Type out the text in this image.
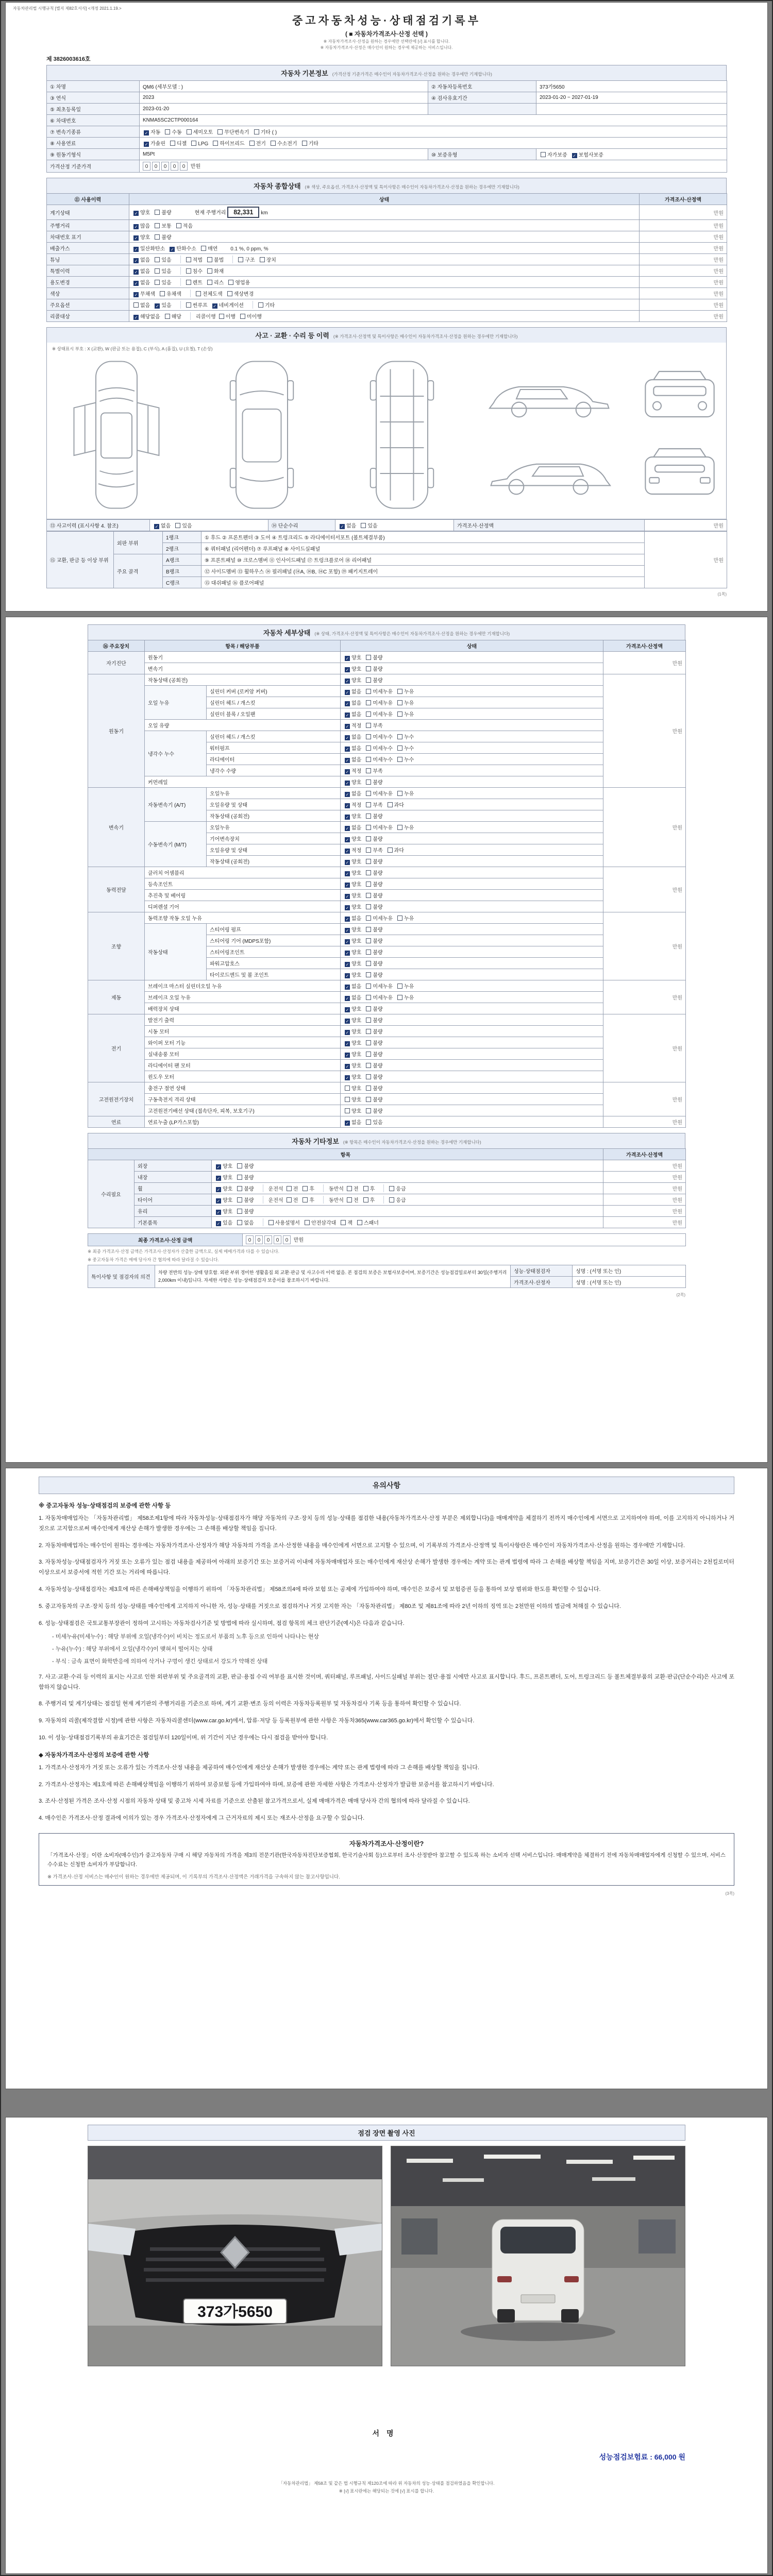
자동차관리법 시행규칙 [별지 제82호서식] <개정 2021.1.19.>
중고자동차성능·상태점검기록부
( ■ 자동차가격조사·산정 선택 )
※ 자동차가격조사·산정을 원하는 경우에만 선택란에 [√] 표시를 합니다.
※ 자동차가격조사·산정은 매수인이 원하는 경우에 제공하는 서비스입니다.
제 3826003616호
자동차 기본정보 (가격산정 기준가격은 매수인이 자동차가격조사·산정을 원하는 경우에만 기재합니다)
① 차명	QM6 (세부모델 : )	② 자동차등록번호	373가5650
③ 연식	2023	④ 검사유효기간	2023-01-20 ~ 2027-01-19
⑤ 최초등록일	2023-01-20		
⑥ 차대번호	KNMA5SC2CTP000164		
⑦ 변속기종류	✓ 자동 수동 세미오토 무단변속기 기타 ( )		
⑧ 사용연료	✓ 가솔린 디젤 LPG 하이브리드 전기 수소전기 기타		
⑨ 원동기형식	M5Pt	⑩ 보증유형	자가보증 ✓ 보험사보증
가격산정 기준가격	0 0 0 0 0 만원		
자동차 종합상태 (※ 색상, 주요옵션, 가격조사·산정액 및 특이사항은 매수인이 자동차가격조사·산정을 원하는 경우에만 기재합니다)
⑪ 사용이력	상태	가격조사·산정액
계기상태	✓ 양호 불량 현재 주행거리 82,331 km	만원
주행거리	✓ 많음 보통 적음	만원
차대번호 표기	✓ 양호 불량	만원
배출가스	✓ 일산화탄소 ✓ 탄화수소 매연 0.1 %, 0 ppm, %	만원
튜닝	✓ 없음 있음 적법 불법 구조 장치	만원
특별이력	✓ 없음 있음 침수 화재	만원
용도변경	✓ 없음 있음 렌트 리스 영업용	만원
색상	✓ 무채색 유채색 전체도색 색상변경	만원
주요옵션	없음 ✓ 있음 썬루프 ✓ 네비게이션 기타	만원
리콜대상	✓ 해당없음 해당 리콜이행 이행 미이행	만원
사고 · 교환 · 수리 등 이력 (※ 가격조사·산정액 및 특이사항은 매수인이 자동차가격조사·산정을 원하는 경우에만 기재합니다)
※ 상태표시 부호 : X (교환), W (판금 또는 용접), C (부식), A (흠집), U (요철), T (손상)
⑬ 사고이력 (표시사항 4. 참조)	✓ 없음 있음	⑭ 단순수리	✓ 없음 있음	가격조사·산정액	만원
⑮ 교환, 판금 등 이상 부위	외판 부위	1랭크	① 후드 ② 프론트펜더 ③ 도어 ④ 트렁크리드 ⑤ 라디에이터서포트 (볼트체결부품)	만원
		2랭크	⑥ 쿼터패널 (리어펜더) ⑦ 루프패널 ⑧ 사이드실패널	
	주요 골격	A랭크	⑨ 프론트패널 ⑩ 크로스멤버 ⑪ 인사이드패널 ⑰ 트렁크플로어 ⑱ 리어패널	
		B랭크	⑫ 사이드멤버 ⑬ 휠하우스 ⑭ 필러패널 (⑭A, ⑭B, ⑭C 포함) ⑲ 패키지트레이	
		C랭크	⑮ 대쉬패널 ⑯ 플로어패널	
(1쪽)
자동차 세부상태 (※ 상태, 가격조사·산정액 및 특이사항은 매수인이 자동차가격조사·산정을 원하는 경우에만 기재합니다)
⑯ 주요장치	항목 / 해당부품		상태	가격조사·산정액
자기진단	원동기		✓ 양호 불량	만원
	변속기		✓ 양호 불량	
원동기	작동상태 (공회전)		✓ 양호 불량	만원
	오일 누유	실린더 커버 (로커암 커버)	✓ 없음 미세누유 누유	
		실린더 헤드 / 개스킷	✓ 없음 미세누유 누유	
		실린더 블록 / 오일팬	✓ 없음 미세누유 누유	
	오일 유량		✓ 적정 부족	
	냉각수 누수	실린더 헤드 / 개스킷	✓ 없음 미세누수 누수	
		워터펌프	✓ 없음 미세누수 누수	
		라디에이터	✓ 없음 미세누수 누수	
		냉각수 수량	✓ 적정 부족	
	커먼레일		✓ 양호 불량	
변속기	자동변속기 (A/T)	오일누유	✓ 없음 미세누유 누유	만원
		오일유량 및 상태	✓ 적정 부족 과다	
		작동상태 (공회전)	✓ 양호 불량	
	수동변속기 (M/T)	오일누유	✓ 없음 미세누유 누유	
		기어변속장치	✓ 양호 불량	
		오일유량 및 상태	✓ 적정 부족 과다	
		작동상태 (공회전)	✓ 양호 불량	
동력전달	클러치 어셈블리		✓ 양호 불량	만원
	등속조인트		✓ 양호 불량	
	추진축 및 베어링		✓ 양호 불량	
	디퍼렌셜 기어		✓ 양호 불량	
조향	동력조향 작동 오일 누유		✓ 없음 미세누유 누유	만원
	작동상태	스티어링 펌프	✓ 양호 불량	
		스티어링 기어 (MDPS포함)	✓ 양호 불량	
		스티어링조인트	✓ 양호 불량	
		파워고압호스	✓ 양호 불량	
		타이로드엔드 및 볼 조인트	✓ 양호 불량	
제동	브레이크 마스터 실린더오일 누유		✓ 없음 미세누유 누유	만원
	브레이크 오일 누유		✓ 없음 미세누유 누유	
	배력장치 상태		✓ 양호 불량	
전기	발전기 출력		✓ 양호 불량	만원
	시동 모터		✓ 양호 불량	
	와이퍼 모터 기능		✓ 양호 불량	
	실내송풍 모터		✓ 양호 불량	
	라디에이터 팬 모터		✓ 양호 불량	
	윈도우 모터		✓ 양호 불량	
고전원전기장치	충전구 절연 상태		양호 불량	만원
	구동축전지 격리 상태		양호 불량	
	고전원전기배선 상태 (접속단자, 피복, 보호기구)		양호 불량	
연료	연료누출 (LP가스포함)		✓ 없음 있음	만원
자동차 기타정보 (※ 항목은 매수인이 자동차가격조사·산정을 원하는 경우에만 기재합니다)
항목			가격조사·산정액
수리필요	외장	✓ 양호 불량	만원
	내장	✓ 양호 불량	만원
	휠	✓ 양호 불량 운전석 전 후 동반석 전 후 응급	만원
	타이어	✓ 양호 불량 운전석 전 후 동반석 전 후 응급	만원
	유리	✓ 양호 불량	만원
	기본품목	✓ 있음 없음 사용설명서 안전삼각대 잭 스패너	만원
최종 가격조사·산정 금액	0 0 0 0 0 만원
※ 최종 가격조사·산정 금액은 가격조사·산정자가 산출한 금액으로, 실제 매매가격과 다를 수 있습니다.
※ 중고자동차 가격은 매매 당사자 간 협의에 따라 달라질 수 있습니다.
특이사항 및 점검자의 의견	차량 전반의 성능·상태 양호함. 외판 부위 경미한 생활흠집 외 교환·판금 및 사고수리 이력 없음. 본 점검의 보증은 보험사보증이며, 보증기간은 성능점검일로부터 30일(주행거리 2,000km 이내)입니다. 자세한 사항은 성능·상태점검자 보증서를 참조하시기 바랍니다.	성능·상태점검자	성명 : (서명 또는 인)
		가격조사·산정자	성명 : (서명 또는 인)
(2쪽)
유의사항
※ 중고자동차 성능·상태점검의 보증에 관한 사항 등
1. 자동차매매업자는 「자동차관리법」 제58조제1항에 따라 자동차성능·상태점검자가 해당 자동차의 구조·장치 등의 성능·상태를 점검한 내용(자동차가격조사·산정 부분은 제외합니다)을 매매계약을 체결하기 전까지 매수인에게 서면으로 고지하여야 하며, 이를 고지하지 아니하거나 거짓으로 고지함으로써 매수인에게 재산상 손해가 발생한 경우에는 그 손해를 배상할 책임을 집니다.
2. 자동차매매업자는 매수인이 원하는 경우에는 자동차가격조사·산정자가 해당 자동차의 가격을 조사·산정한 내용을 매수인에게 서면으로 고지할 수 있으며, 이 기록부의 가격조사·산정액 및 특이사항란은 매수인이 자동차가격조사·산정을 원하는 경우에만 기재합니다.
3. 자동차성능·상태점검자가 거짓 또는 오류가 있는 점검 내용을 제공하여 아래의 보증기간 또는 보증거리 이내에 자동차매매업자 또는 매수인에게 재산상 손해가 발생한 경우에는 계약 또는 관계 법령에 따라 그 손해를 배상할 책임을 지며, 보증기간은 30일 이상, 보증거리는 2천킬로미터 이상으로서 보증서에 적힌 기간 또는 거리에 따릅니다.
4. 자동차성능·상태점검자는 제3호에 따른 손해배상책임을 이행하기 위하여 「자동차관리법」 제58조의4에 따라 보험 또는 공제에 가입하여야 하며, 매수인은 보증서 및 보험증권 등을 통하여 보상 범위와 한도를 확인할 수 있습니다.
5. 중고자동차의 구조·장치 등의 성능·상태를 매수인에게 고지하지 아니한 자, 성능·상태를 거짓으로 점검하거나 거짓 고지한 자는 「자동차관리법」 제80조 및 제81조에 따라 2년 이하의 징역 또는 2천만원 이하의 벌금에 처해질 수 있습니다.
6. 성능·상태점검은 국토교통부장관이 정하여 고시하는 자동차검사기준 및 방법에 따라 실시하며, 점검 항목의 체크 판단기준(예시)은 다음과 같습니다.
- 미세누유(미세누수) : 해당 부위에 오일(냉각수)이 비치는 정도로서 부품의 노후 등으로 인하여 나타나는 현상
- 누유(누수) : 해당 부위에서 오일(냉각수)이 맺혀서 떨어지는 상태
- 부식 : 금속 표면이 화학반응에 의하여 삭거나 구멍이 생긴 상태로서 강도가 약해진 상태
7. 사고·교환·수리 등 이력의 표시는 사고로 인한 외판부위 및 주요골격의 교환, 판금·용접 수리 여부를 표시한 것이며, 쿼터패널, 루프패널, 사이드실패널 부위는 절단·용접 시에만 사고로 표시합니다. 후드, 프론트펜더, 도어, 트렁크리드 등 볼트체결부품의 교환·판금(단순수리)은 사고에 포함하지 않습니다.
8. 주행거리 및 계기상태는 점검일 현재 계기판의 주행거리를 기준으로 하며, 계기 교환·변조 등의 이력은 자동차등록원부 및 자동차검사 기록 등을 통하여 확인할 수 있습니다.
9. 자동차의 리콜(제작결함 시정)에 관한 사항은 자동차리콜센터(www.car.go.kr)에서, 압류·저당 등 등록원부에 관한 사항은 자동차365(www.car365.go.kr)에서 확인할 수 있습니다.
10. 이 성능·상태점검기록부의 유효기간은 점검일부터 120일이며, 위 기간이 지난 경우에는 다시 점검을 받아야 합니다.
◆ 자동차가격조사·산정의 보증에 관한 사항
1. 가격조사·산정자가 거짓 또는 오류가 있는 가격조사·산정 내용을 제공하여 매수인에게 재산상 손해가 발생한 경우에는 계약 또는 관계 법령에 따라 그 손해를 배상할 책임을 집니다.
2. 가격조사·산정자는 제1호에 따른 손해배상책임을 이행하기 위하여 보증보험 등에 가입하여야 하며, 보증에 관한 자세한 사항은 가격조사·산정자가 발급한 보증서를 참고하시기 바랍니다.
3. 조사·산정된 가격은 조사·산정 시점의 자동차 상태 및 중고차 시세 자료를 기준으로 산출된 참고가격으로서, 실제 매매가격은 매매 당사자 간의 협의에 따라 달라질 수 있습니다.
4. 매수인은 가격조사·산정 결과에 이의가 있는 경우 가격조사·산정자에게 그 근거자료의 제시 또는 재조사·산정을 요구할 수 있습니다.
자동차가격조사·산정이란?
「가격조사·산정」이란 소비자(매수인)가 중고자동차 구매 시 해당 자동차의 가격을 제3의 전문기관(한국자동차진단보증협회, 한국기술사회 등)으로부터 조사·산정받아 참고할 수 있도록 하는 소비자 선택 서비스입니다. 매매계약을 체결하기 전에 자동차매매업자에게 신청할 수 있으며, 서비스 수수료는 신청한 소비자가 부담합니다.
※ 가격조사·산정 서비스는 매수인이 원하는 경우에만 제공되며, 이 기록부의 가격조사·산정액은 거래가격을 구속하지 않는 참고사항입니다.
(3쪽)
점검 장면 촬영 사진
373가5650
서명
성능점검보험료 : 66,000 원
「자동차관리법」 제58조 및 같은 법 시행규칙 제120조에 따라 위 자동차의 성능·상태를 점검하였음을 확인합니다.
※ [√] 표시란에는 해당되는 것에 [√] 표시를 합니다.
